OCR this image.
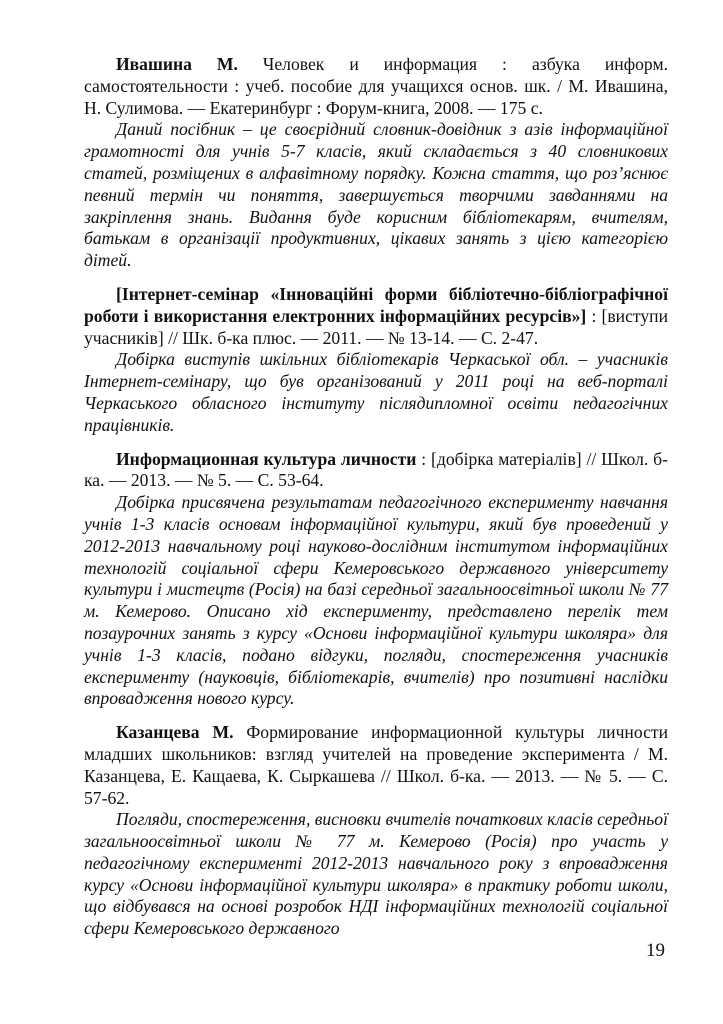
Ивашина М. Человек и информация : азбука информ. самостоятельности : учеб. пособие для учащихся основ. шк. / М. Ивашина, Н. Сулимова. — Екатеринбург : Форум-книга, 2008. — 175 с.

Даний посібник – це своєрідний словник-довідник з азів інформаційної грамотності для учнів 5-7 класів, який складається з 40 словникових статей, розміщених в алфавітному порядку. Кожна стаття, що роз’яснює певний термін чи поняття, завершується творчими завданнями на закріплення знань. Видання буде корисним бібліотекарям, вчителям, батькам в організації продуктивних, цікавих занять з цією категорією дітей.

[Інтернет-семінар «Інноваційні форми бібліотечно-бібліографічної роботи і використання електронних інформаційних ресурсів»] : [виступи учасників] // Шк. б-ка плюс. — 2011. — № 13-14. — С. 2-47.

Добірка виступів шкільних бібліотекарів Черкаської обл. – учасників Інтернет-семінару, що був організований у 2011 році на веб-порталі Черкаського обласного інституту післядипломної освіти педагогічних працівників.

Информационная культура личности : [добірка матеріалів] // Школ. б-ка. — 2013. — № 5. — С. 53-64.

Добірка присвячена результатам педагогічного експерименту навчання учнів 1-3 класів основам інформаційної культури, який був проведений у 2012-2013 навчальному році науково-дослідним інститутом інформаційних технологій соціальної сфери Кемеровського державного університету культури і мистецтв (Росія) на базі середньої загальноосвітньої школи № 77 м. Кемерово. Описано хід експерименту, представлено перелік тем позаурочних занять з курсу «Основи інформаційної культури школяра» для учнів 1-3 класів, подано відгуки, погляди, спостереження учасників експерименту (науковців, бібліотекарів, вчителів) про позитивні наслідки впровадження нового курсу.

Казанцева М. Формирование информационной культуры личности младших школьников: взгляд учителей на проведение эксперимента / М. Казанцева, Е. Кащаева, К. Сыркашева // Школ. б-ка. — 2013. — № 5. — С. 57-62.

Погляди, спостереження, висновки вчителів початкових класів середньої загальноосвітньої школи № 77 м. Кемерово (Росія) про участь у педагогічному експерименті 2012-2013 навчального року з впровадження курсу «Основи інформаційної культури школяра» в практику роботи школи, що відбувався на основі розробок НДІ інформаційних технологій соціальної сфери Кемеровського державного

19
